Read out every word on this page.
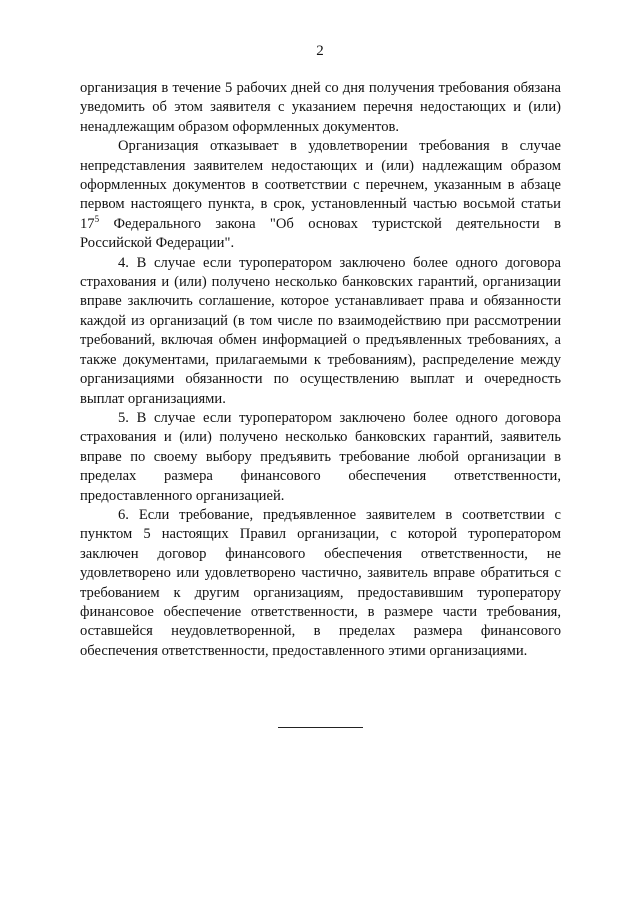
2

организация в течение 5 рабочих дней со дня получения требования обязана уведомить об этом заявителя с указанием перечня недостающих и (или) ненадлежащим образом оформленных документов.

Организация отказывает в удовлетворении требования в случае непредставления заявителем недостающих и (или) надлежащим образом оформленных документов в соответствии с перечнем, указанным в абзаце первом настоящего пункта, в срок, установленный частью восьмой статьи $17^5$ Федерального закона "Об основах туристской деятельности в Российской Федерации".

4. В случае если туроператором заключено более одного договора страхования и (или) получено несколько банковских гарантий, организации вправе заключить соглашение, которое устанавливает права и обязанности каждой из организаций (в том числе по взаимодействию при рассмотрении требований, включая обмен информацией о предъявленных требованиях, а также документами, прилагаемыми к требованиям), распределение между организациями обязанности по осуществлению выплат и очередность выплат организациями.

5. В случае если туроператором заключено более одного договора страхования и (или) получено несколько банковских гарантий, заявитель вправе по своему выбору предъявить требование любой организации в пределах размера финансового обеспечения ответственности, предоставленного организацией.

6. Если требование, предъявленное заявителем в соответствии с пунктом 5 настоящих Правил организации, с которой туроператором заключен договор финансового обеспечения ответственности, не удовлетворено или удовлетворено частично, заявитель вправе обратиться с требованием к другим организациям, предоставившим туроператору финансовое обеспечение ответственности, в размере части требования, оставшейся неудовлетворенной, в пределах размера финансового обеспечения ответственности, предоставленного этими организациями.
